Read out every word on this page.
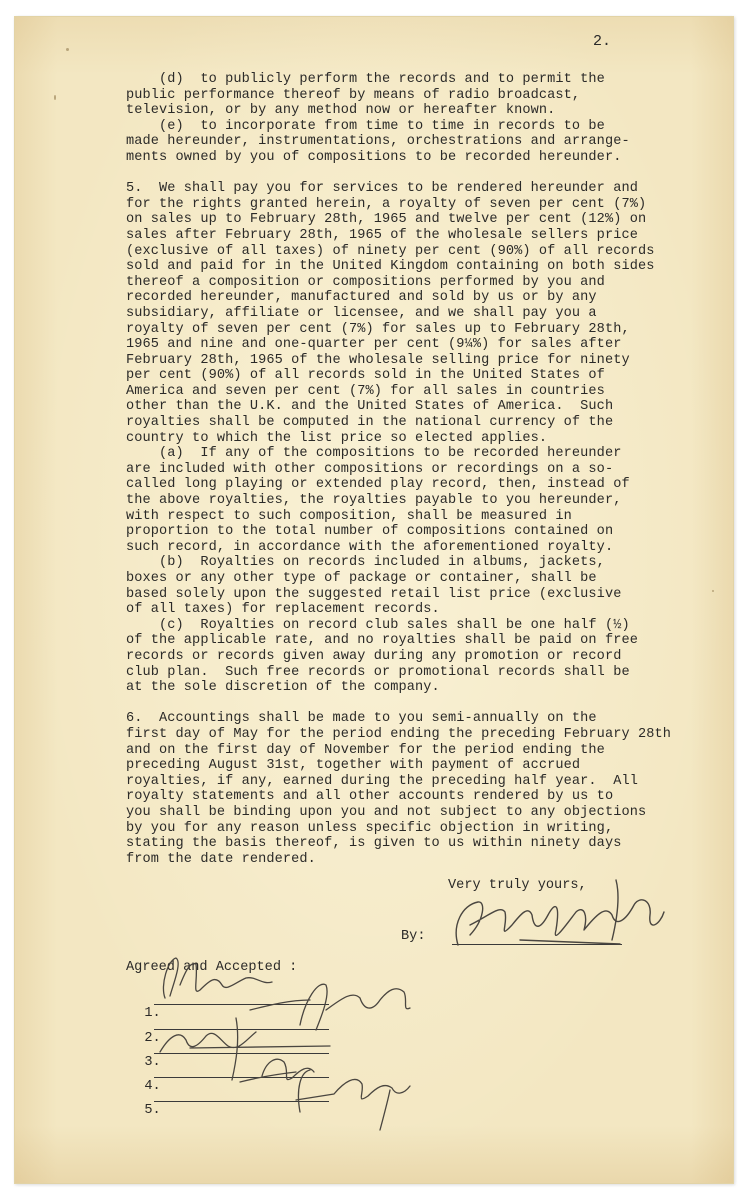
2.
(d)  to publicly perform the records and to permit the
public performance thereof by means of radio broadcast,
television, or by any method now or hereafter known.
(e)  to incorporate from time to time in records to be
made hereunder, instrumentations, orchestrations and arrange-
ments owned by you of compositions to be recorded hereunder.
5.  We shall pay you for services to be rendered hereunder and
for the rights granted herein, a royalty of seven per cent (7%)
on sales up to February 28th, 1965 and twelve per cent (12%) on
sales after February 28th, 1965 of the wholesale sellers price
(exclusive of all taxes) of ninety per cent (90%) of all records
sold and paid for in the United Kingdom containing on both sides
thereof a composition or compositions performed by you and
recorded hereunder, manufactured and sold by us or by any
subsidiary, affiliate or licensee, and we shall pay you a
royalty of seven per cent (7%) for sales up to February 28th,
1965 and nine and one-quarter per cent (9¼%) for sales after
February 28th, 1965 of the wholesale selling price for ninety
per cent (90%) of all records sold in the United States of
America and seven per cent (7%) for all sales in countries
other than the U.K. and the United States of America.  Such
royalties shall be computed in the national currency of the
country to which the list price so elected applies.
(a)  If any of the compositions to be recorded hereunder
are included with other compositions or recordings on a so-
called long playing or extended play record, then, instead of
the above royalties, the royalties payable to you hereunder,
with respect to such composition, shall be measured in
proportion to the total number of compositions contained on
such record, in accordance with the aforementioned royalty.
(b)  Royalties on records included in albums, jackets,
boxes or any other type of package or container, shall be
based solely upon the suggested retail list price (exclusive
of all taxes) for replacement records.
(c)  Royalties on record club sales shall be one half (½)
of the applicable rate, and no royalties shall be paid on free
records or records given away during any promotion or record
club plan.  Such free records or promotional records shall be
at the sole discretion of the company.
6.  Accountings shall be made to you semi-annually on the
first day of May for the period ending the preceding February 28th
and on the first day of November for the period ending the
preceding August 31st, together with payment of accrued
royalties, if any, earned during the preceding half year.  All
royalty statements and all other accounts rendered by us to
you shall be binding upon you and not subject to any objections
by you for any reason unless specific objection in writing,
stating the basis thereof, is given to us within ninety days
from the date rendered.
Very truly yours,
By:
Agreed and Accepted :

1.

2.

3.

4.

5.
